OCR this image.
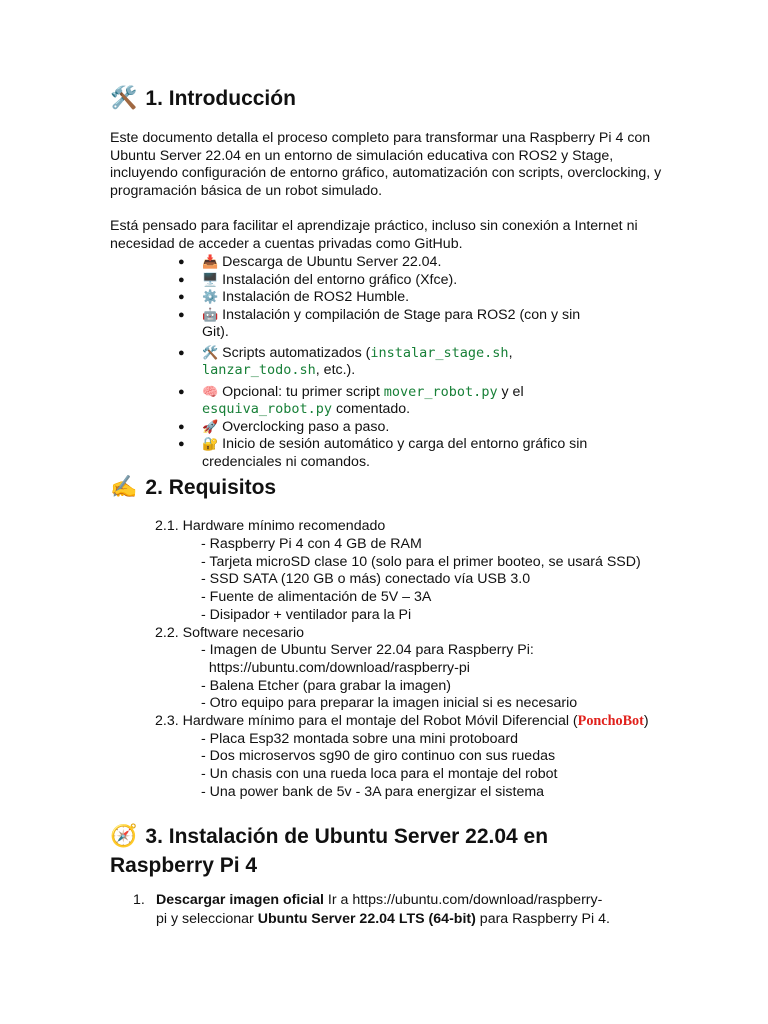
🛠️ 1. Introducción

Este documento detalla el proceso completo para transformar una Raspberry Pi 4 con Ubuntu Server 22.04 en un entorno de simulación educativa con ROS2 y Stage, incluyendo configuración de entorno gráfico, automatización con scripts, overclocking, y programación básica de un robot simulado.

Está pensado para facilitar el aprendizaje práctico, incluso sin conexión a Internet ni necesidad de acceder a cuentas privadas como GitHub.

● 📥 Descarga de Ubuntu Server 22.04.
● 🖥️ Instalación del entorno gráfico (Xfce).
● ⚙️ Instalación de ROS2 Humble.
● 🤖 Instalación y compilación de Stage para ROS2 (con y sin Git).
● 🛠️ Scripts automatizados (instalar_stage.sh, lanzar_todo.sh, etc.).
● 🧠 Opcional: tu primer script mover_robot.py y el esquiva_robot.py comentado.
● 🚀 Overclocking paso a paso.
● 🔐 Inicio de sesión automático y carga del entorno gráfico sin credenciales ni comandos.
✍️ 2. Requisitos
2.1. Hardware mínimo recomendado
- Raspberry Pi 4 con 4 GB de RAM
- Tarjeta microSD clase 10 (solo para el primer booteo, se usará SSD)
- SSD SATA (120 GB o más) conectado vía USB 3.0
- Fuente de alimentación de 5V – 3A
- Disipador + ventilador para la Pi
2.2. Software necesario
- Imagen de Ubuntu Server 22.04 para Raspberry Pi:
https://ubuntu.com/download/raspberry-pi
- Balena Etcher (para grabar la imagen)
- Otro equipo para preparar la imagen inicial si es necesario
2.3. Hardware mínimo para el montaje del Robot Móvil Diferencial (PonchoBot)
- Placa Esp32 montada sobre una mini protoboard
- Dos microservos sg90 de giro continuo con sus ruedas
- Un chasis con una rueda loca para el montaje del robot
- Una power bank de 5v - 3A para energizar el sistema
🧭 3. Instalación de Ubuntu Server 22.04 en Raspberry Pi 4
1. Descargar imagen oficial Ir a https://ubuntu.com/download/raspberry-pi y seleccionar Ubuntu Server 22.04 LTS (64-bit) para Raspberry Pi 4.
